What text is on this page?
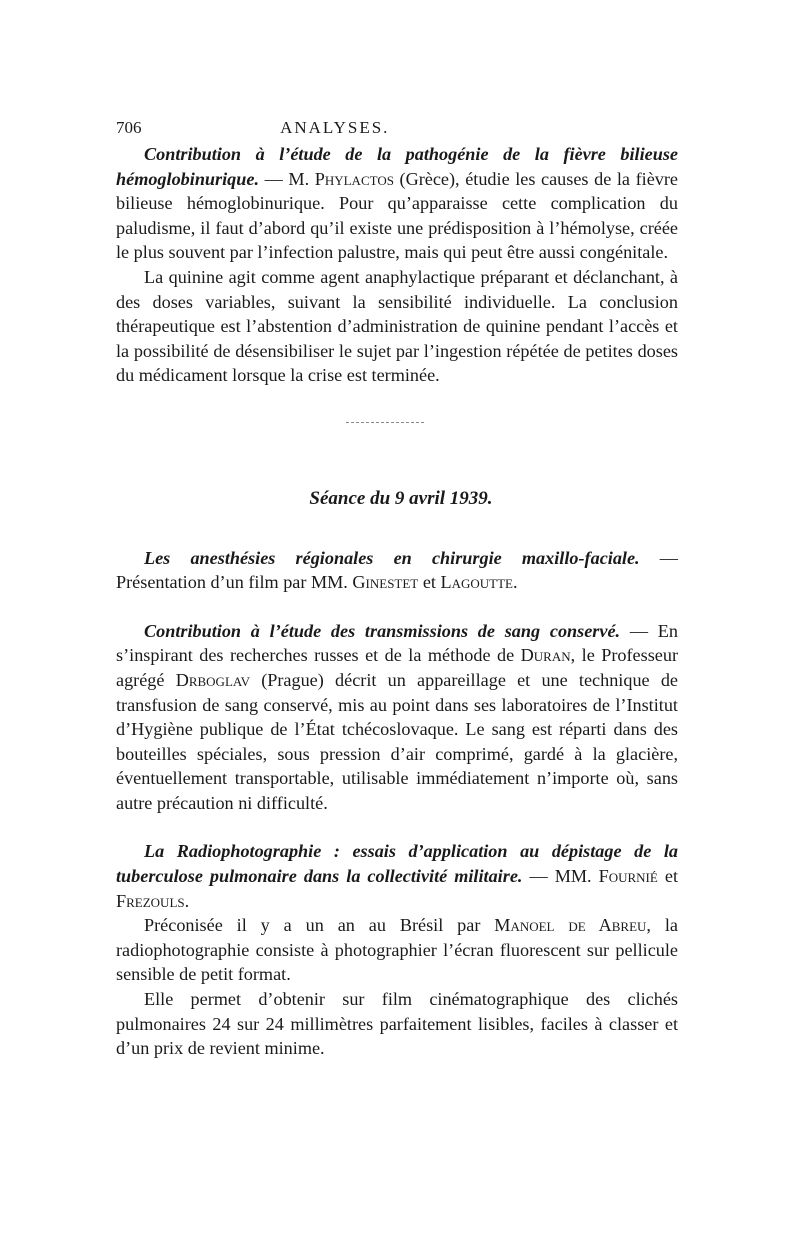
706	ANALYSES.

Contribution à l’étude de la pathogénie de la fièvre bilieuse hémoglobinurique. — M. Phylactos (Grèce), étudie les causes de la fièvre bilieuse hémoglobinurique. Pour qu’apparaisse cette complication du paludisme, il faut d’abord qu’il existe une prédisposition à l’hémolyse, créée le plus souvent par l’infection palustre, mais qui peut être aussi congénitale.

La quinine agit comme agent anaphylactique préparant et déclanchant, à des doses variables, suivant la sensibilité individuelle. La conclusion thérapeutique est l’abstention d’administration de quinine pendant l’accès et la possibilité de désensibiliser le sujet par l’ingestion répétée de petites doses du médicament lorsque la crise est terminée.

Séance du 9 avril 1939.

Les anesthésies régionales en chirurgie maxillo-faciale. — Présentation d’un film par MM. Ginestet et Lagoutte.

Contribution à l’étude des transmissions de sang conservé. — En s’inspirant des recherches russes et de la méthode de Duran, le Professeur agrégé Drboglav (Prague) décrit un appareillage et une technique de transfusion de sang conservé, mis au point dans ses laboratoires de l’Institut d’Hygiène publique de l’État tchécoslovaque. Le sang est réparti dans des bouteilles spéciales, sous pression d’air comprimé, gardé à la glacière, éventuellement transportable, utilisable immédiatement n’importe où, sans autre précaution ni difficulté.

La Radiophotographie : essais d’application au dépistage de la tuberculose pulmonaire dans la collectivité militaire. — MM. Fournié et Frezouls.

Préconisée il y a un an au Brésil par Manoel de Abreu, la radiophotographie consiste à photographier l’écran fluorescent sur pellicule sensible de petit format.

Elle permet d’obtenir sur film cinématographique des clichés pulmonaires 24 sur 24 millimètres parfaitement lisibles, faciles à classer et d’un prix de revient minime.
